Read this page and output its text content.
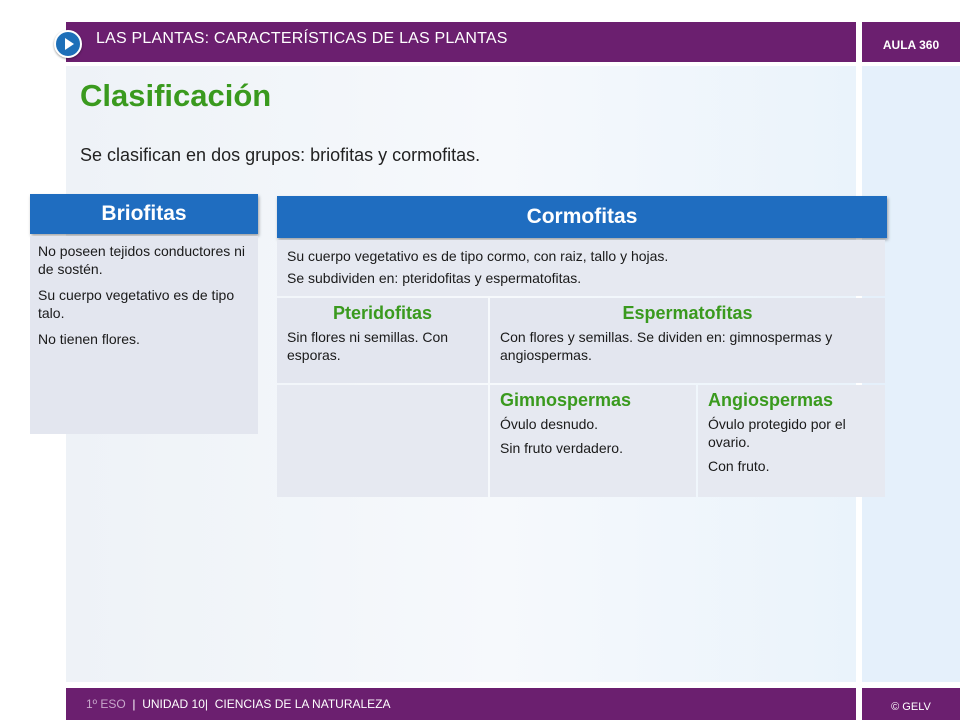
LAS PLANTAS: CARACTERÍSTICAS DE LAS PLANTAS	AULA 360
Clasificación
Se clasifican en dos grupos: briofitas y cormofitas.
Briofitas

No poseen tejidos conductores ni de sostén.

Su cuerpo vegetativo es de tipo talo.

No tienen flores.

Cormofitas
Su cuerpo vegetativo es de tipo cormo, con raiz, tallo y hojas.
Se subdividen en: pteridofitas y espermatofitas.
Pteridofitas
Sin flores ni semillas. Con esporas.
Espermatofitas
Con flores y semillas. Se dividen en: gimnospermas y angiospermas.
Gimnospermas

Óvulo desnudo.

Sin fruto verdadero.

Angiospermas

Óvulo protegido por el ovario.

Con fruto.

1º ESO | UNIDAD 10| CIENCIAS DE LA NATURALEZA	© GELV
